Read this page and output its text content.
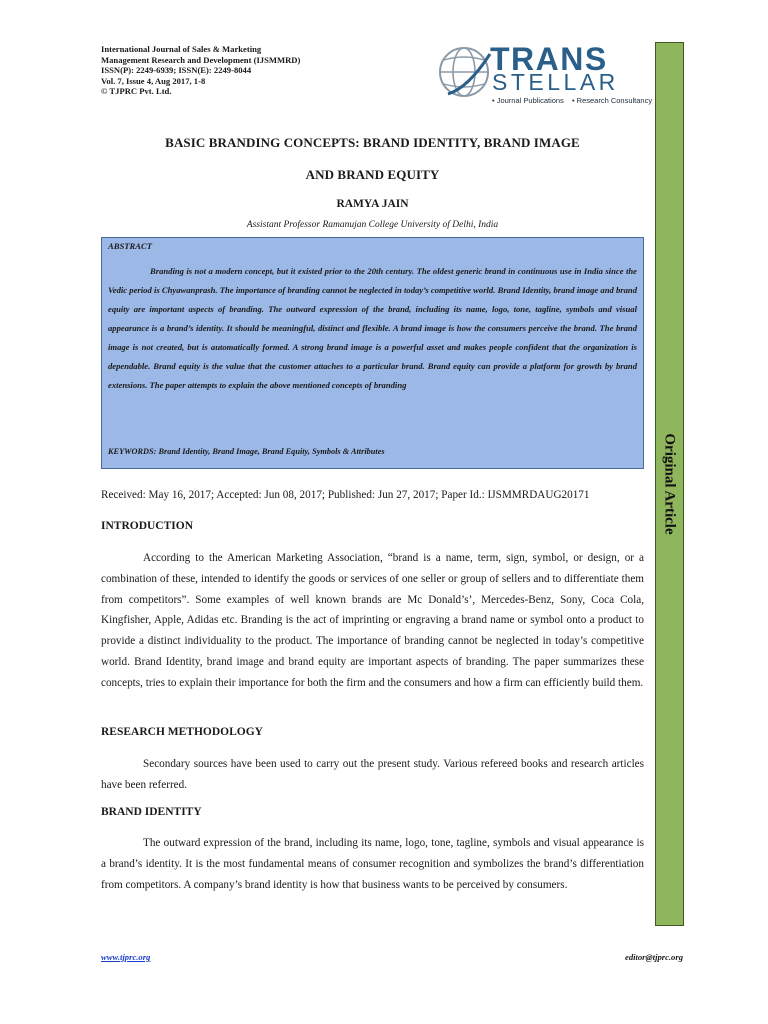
International Journal of Sales & Marketing
Management Research and Development (IJSMMRD)
ISSN(P): 2249-6939; ISSN(E): 2249-8044
Vol. 7, Issue 4, Aug 2017, 1-8
© TJPRC Pvt. Ltd.
TRANS
STELLAR
• Journal Publications • Research Consultancy
Original Article
BASIC BRANDING CONCEPTS: BRAND IDENTITY, BRAND IMAGE
AND BRAND EQUITY
RAMYA JAIN
Assistant Professor Ramanujan College University of Delhi, India
ABSTRACT
Branding is not a modern concept, but it existed prior to the 20th century. The oldest generic brand in continuous use in India since the Vedic period is Chyawanprash. The importance of branding cannot be neglected in today’s competitive world. Brand Identity, brand image and brand equity are important aspects of branding. The outward expression of the brand, including its name, logo, tone, tagline, symbols and visual appearance is a brand’s identity. It should be meaningful, distinct and flexible. A brand image is how the consumers perceive the brand. The brand image is not created, but is automatically formed. A strong brand image is a powerful asset and makes people confident that the organization is dependable. Brand equity is the value that the customer attaches to a particular brand. Brand equity can provide a platform for growth by brand extensions. The paper attempts to explain the above mentioned concepts of branding
KEYWORDS: Brand Identity, Brand Image, Brand Equity, Symbols & Attributes
Received: May 16, 2017; Accepted: Jun 08, 2017; Published: Jun 27, 2017; Paper Id.: IJSMMRDAUG20171
INTRODUCTION
According to the American Marketing Association, “brand is a name, term, sign, symbol, or design, or a combination of these, intended to identify the goods or services of one seller or group of sellers and to differentiate them from competitors”. Some examples of well known brands are Mc Donald’s’, Mercedes-Benz, Sony, Coca Cola, Kingfisher, Apple, Adidas etc. Branding is the act of imprinting or engraving a brand name or symbol onto a product to provide a distinct individuality to the product. The importance of branding cannot be neglected in today’s competitive world. Brand Identity, brand image and brand equity are important aspects of branding. The paper summarizes these concepts, tries to explain their importance for both the firm and the consumers and how a firm can efficiently build them.
RESEARCH METHODOLOGY
Secondary sources have been used to carry out the present study. Various refereed books and research articles have been referred.
BRAND IDENTITY
The outward expression of the brand, including its name, logo, tone, tagline, symbols and visual appearance is a brand’s identity. It is the most fundamental means of consumer recognition and symbolizes the brand’s differentiation from competitors. A company’s brand identity is how that business wants to be perceived by consumers.
www.tjprc.org	editor@tjprc.org
